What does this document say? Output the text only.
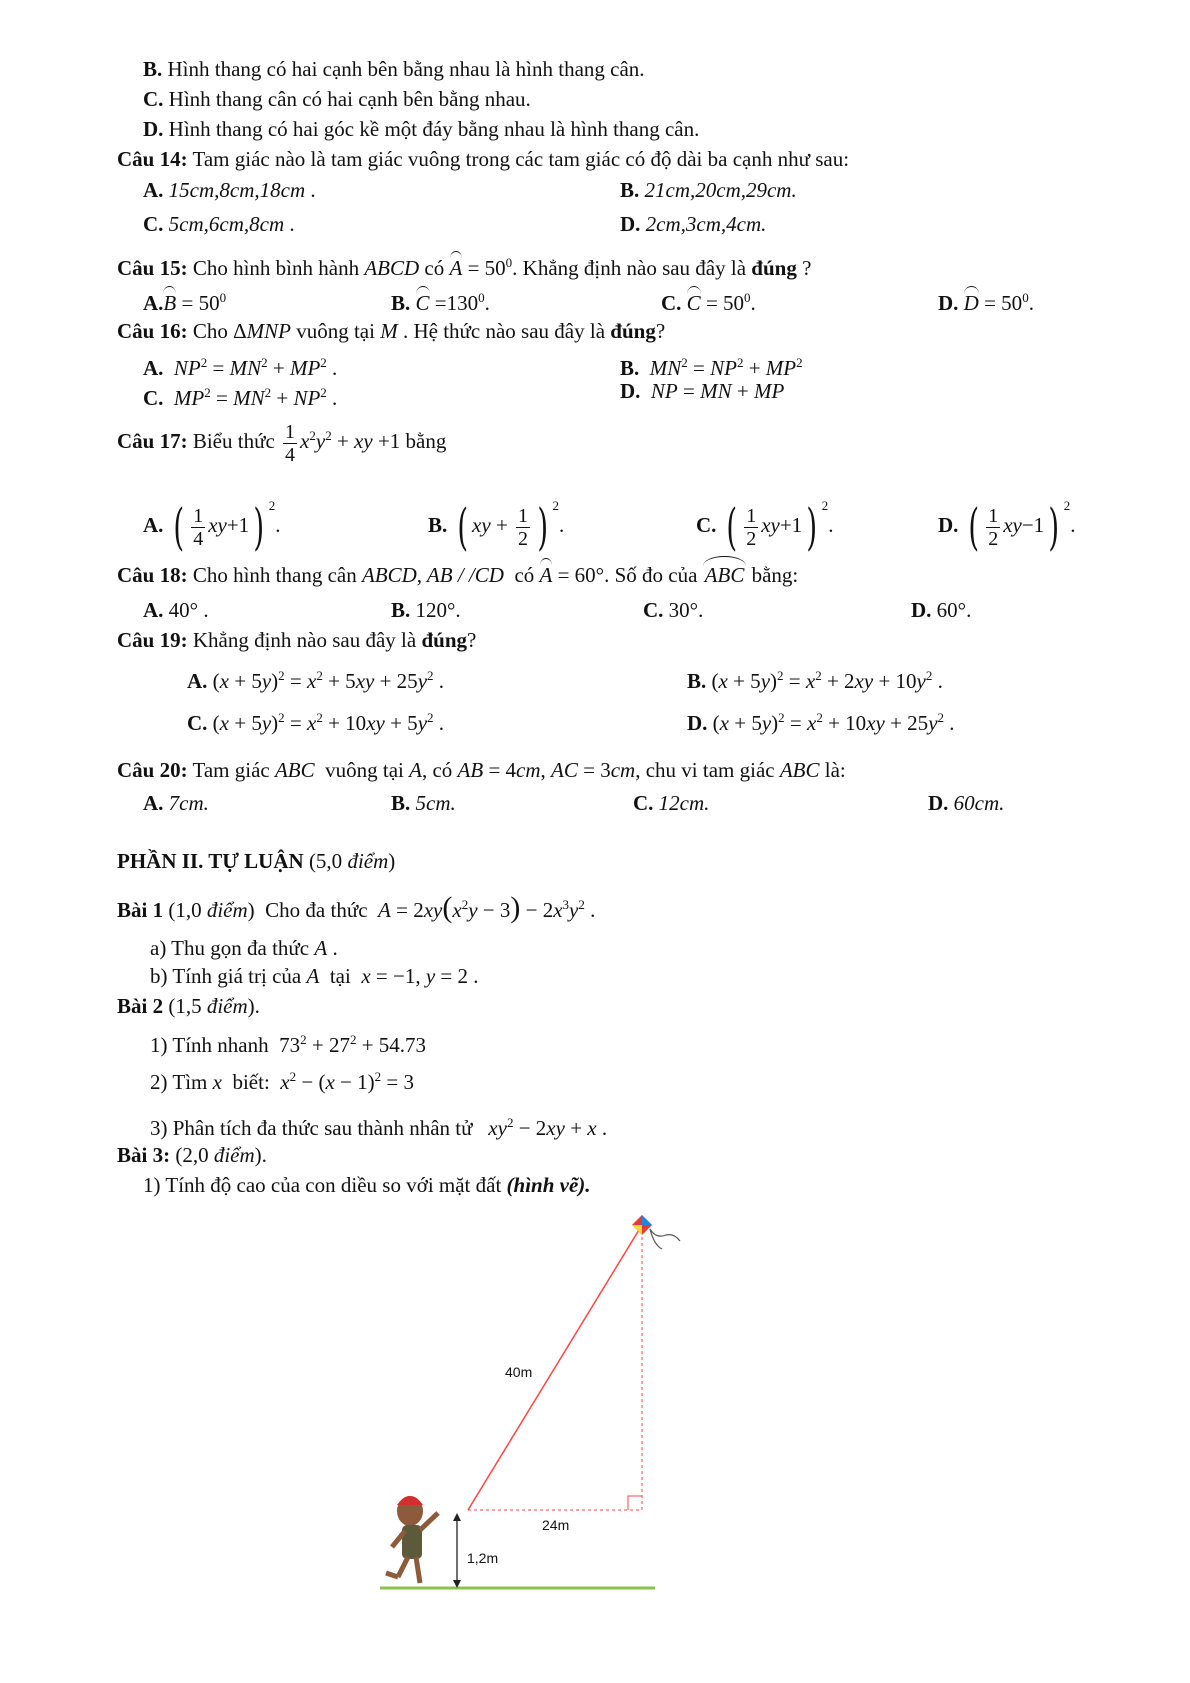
B. Hình thang có hai cạnh bên bằng nhau là hình thang cân.
C. Hình thang cân có hai cạnh bên bằng nhau.
D. Hình thang có hai góc kề một đáy bằng nhau là hình thang cân.
Câu 14: Tam giác nào là tam giác vuông trong các tam giác có độ dài ba cạnh như sau:
A. 15cm,8cm,18cm .	B. 21cm,20cm,29cm.
C. 5cm,6cm,8cm .	D. 2cm,3cm,4cm.
Câu 15: Cho hình bình hành ABCD có $A = 50^0$. Khẳng định nào sau đây là đúng ?
$A.B = 50^0$	B. $C =130^0$.	C. $C = 50^0$.	D. $D = 50^0$.
Câu 16: Cho ΔMNP vuông tại M . Hệ thức nào sau đây là đúng?
A. $NP^2 = MN^2 + MP^2$ .	B. $MN^2 = NP^2 + MP^2$
C. $MP^2 = MN^2 + NP^2$ .	D. NP = MN + MP
Câu 17: Biểu thức $\frac{1}{4} x^2y^2$ + xy +1 bằng
A. ( $\frac{1}{4} xy+1$) $^2$.	B. ( xy + $\frac{1}{2}$ ) $^2$.	C. ( $\frac{1}{2} xy+1$) $^2$.	D. ( $\frac{1}{2} xy-1$) $^2$.
Câu 18: Cho hình thang cân ABCD, AB / /CD  có A = 60°. Số đo của ABC bằng:
A. 40° .	B. 120°.	C. 30°.	D. 60°.
Câu 19: Khẳng định nào sau đây là đúng?
A. $(x + 5y)^2 = x^2 + 5xy + 25y^2$ .	B. $(x + 5y)^2 = x^2 + 2xy + 10y^2$ .
C. $(x + 5y)^2 = x^2 + 10xy + 5y^2$ .	D. $(x + 5y)^2 = x^2 + 10xy + 25y^2$ .
Câu 20: Tam giác ABC vuông tại A, có AB = 4cm, AC = 3cm, chu vi tam giác ABC là:
A. 7cm.	B. 5cm.	C. 12cm.	D. 60cm.
PHẦN II. TỰ LUẬN (5,0 điểm)
Bài 1 (1,0 điểm)  Cho đa thức $A = 2xy(x^2y - 3) - 2x^3y^2$ .
a) Thu gọn đa thức A .
b) Tính giá trị của A tại x = −1, y = 2 .
Bài 2 (1,5 điểm).
1) Tính nhanh  $73^2 + 27^2 + 54.73$
2) Tìm x biết: $x^2 - (x - 1)^2 = 3$
3) Phân tích đa thức sau thành nhân tử $xy^2 - 2xy + x$ .
Bài 3: (2,0 điểm).
1) Tính độ cao của con diều so với mặt đất (hình vẽ).
40m
24m
1,2m
